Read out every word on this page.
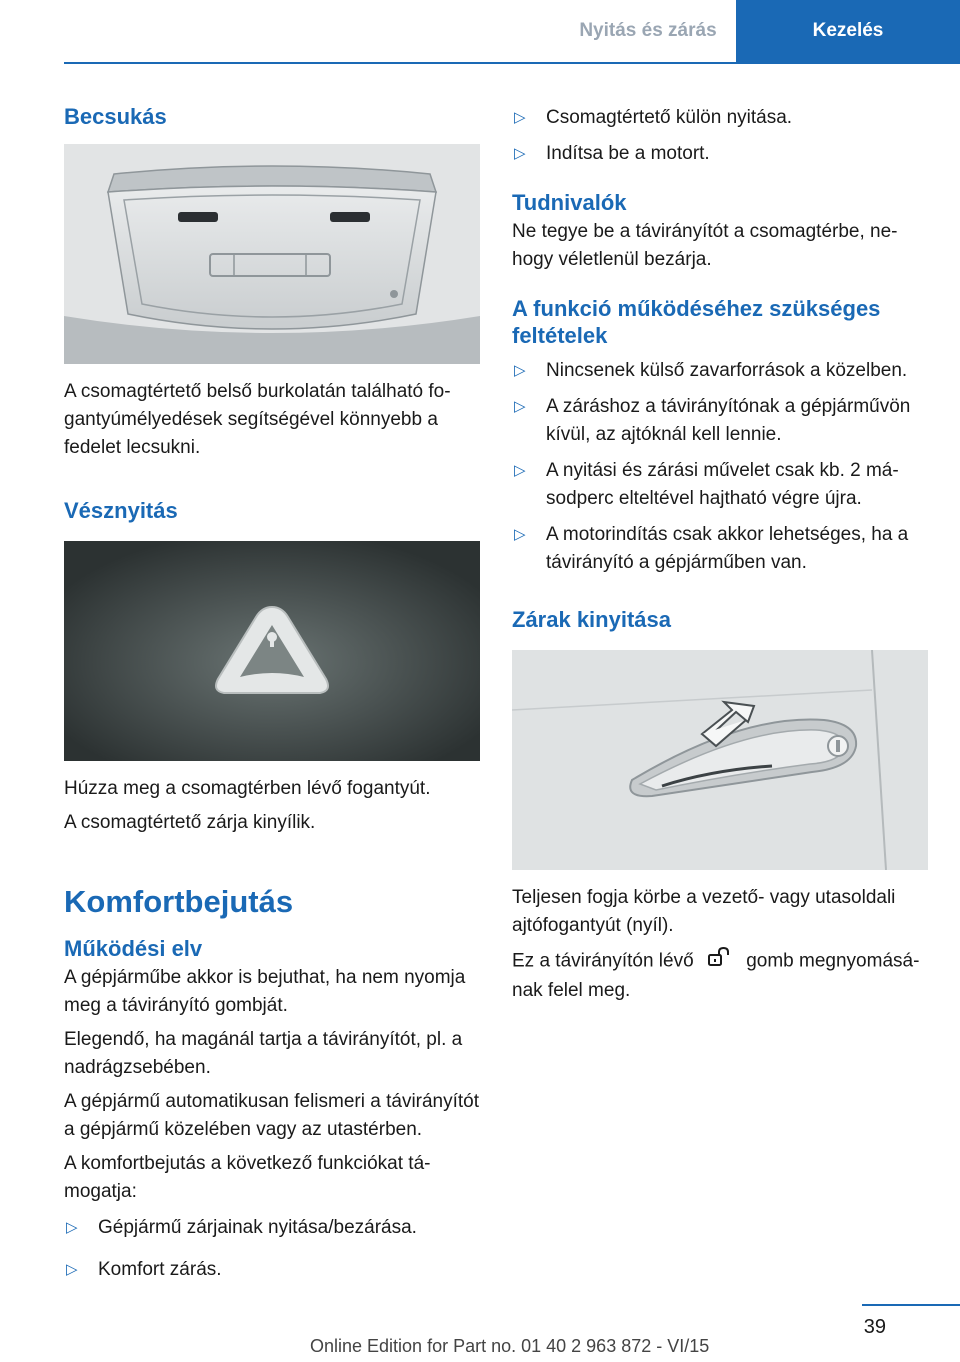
Nyitás és zárás	Kezelés
Becsukás

A csomagtértető belső burkolatán található fogantyúmélyedések segítségével könnyebb a fedelet lecsukni.

Vésznyitás

Húzza meg a csomagtérben lévő fogantyút.

A csomagtértető zárja kinyílik.

Komfortbejutás
Működési elv

A gépjárműbe akkor is bejuthat, ha nem nyomja meg a távirányító gombját.

Elegendő, ha magánál tartja a távirányítót, pl. a nadrágzsebében.

A gépjármű automatikusan felismeri a távirányítót a gépjármű közelében vagy az utastérben.

A komfortbejutás a következő funkciókat támogatja:

▷ Gépjármű zárjainak nyitása/bezárása.
▷ Komfort zárás.
▷ Csomagtértető külön nyitása.
▷ Indítsa be a motort.
Tudnivalók

Ne tegye be a távirányítót a csomagtérbe, nehogy véletlenül bezárja.

A funkció működéséhez szükséges feltételek
▷ Nincsenek külső zavarforrások a közelben.
▷ A záráshoz a távirányítónak a gépjárművön kívül, az ajtóknál kell lennie.
▷ A nyitási és zárási művelet csak kb. 2 másodperc elteltével hajtható végre újra.
▷ A motorindítás csak akkor lehetséges, ha a távirányító a gépjárműben van.
Zárak kinyitása

Teljesen fogja körbe a vezető- vagy utasoldali ajtófogantyút (nyíl).

Ez a távirányítón lévő	gomb megnyomásának felel meg.

39
Online Edition for Part no. 01 40 2 963 872 - VI/15
